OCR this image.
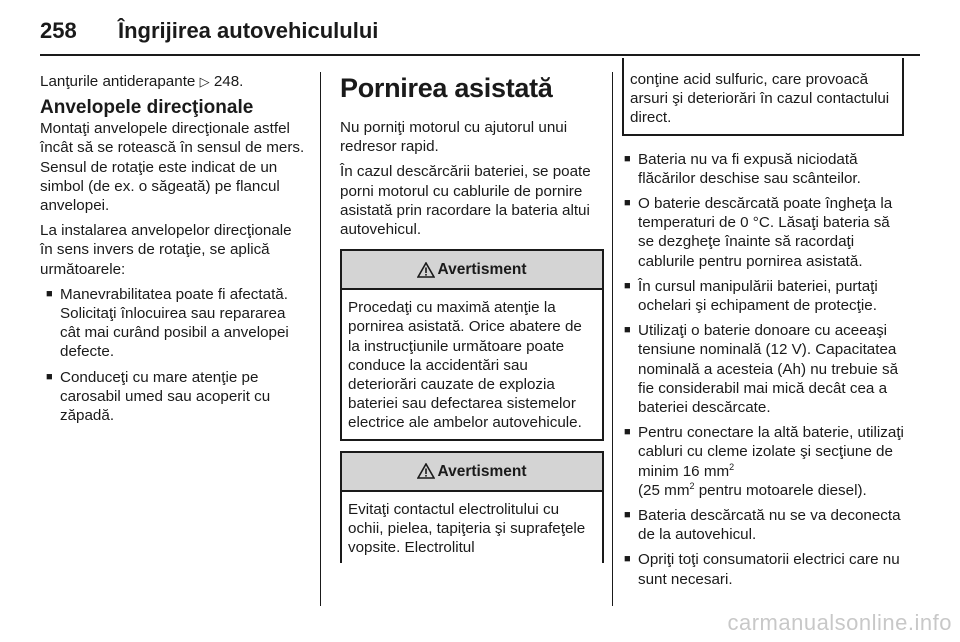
258 Îngrijirea autovehiculului

Lanţurile antiderapante ▷ 248.

Anvelopele direcţionale

Montaţi anvelopele direcţionale astfel încât să se rotească în sensul de mers. Sensul de rotaţie este indicat de un simbol (de ex. o săgeată) pe flancul anvelopei.

La instalarea anvelopelor direcţionale în sens invers de rotaţie, se aplică următoarele:

■ Manevrabilitatea poate fi afectată. Solicitaţi înlocuirea sau repararea cât mai curând posibil a anvelopei defecte.
■ Conduceţi cu mare atenţie pe carosabil umed sau acoperit cu zăpadă.
Pornirea asistată

Nu porniţi motorul cu ajutorul unui redresor rapid.

În cazul descărcării bateriei, se poate porni motorul cu cablurile de pornire asistată prin racordare la bateria altui autovehicul.

Avertisment
Procedaţi cu maximă atenţie la pornirea asistată. Orice abatere de la instrucţiunile următoare poate conduce la accidentări sau deteriorări cauzate de explozia bateriei sau defectarea sistemelor electrice ale ambelor autovehicule.
Avertisment
Evitaţi contactul electrolitului cu ochii, pielea, tapiţeria şi suprafeţele vopsite. Electrolitul
conţine acid sulfuric, care provoacă arsuri şi deteriorări în cazul contactului direct.
■ Bateria nu va fi expusă niciodată flăcărilor deschise sau scânteilor.
■ O baterie descărcată poate îngheţa la temperaturi de 0 °C. Lăsaţi bateria să se dezgheţe înainte să racordaţi cablurile pentru pornirea asistată.
■ În cursul manipulării bateriei, purtaţi ochelari şi echipament de protecţie.
■ Utilizaţi o baterie donoare cu aceeaşi tensiune nominală (12 V). Capacitatea nominală a acesteia (Ah) nu trebuie să fie considerabil mai mică decât cea a bateriei descărcate.
■ Pentru conectare la altă baterie, utilizaţi cabluri cu cleme izolate şi secţiune de minim 16 $mm^2$
(25 $mm^2$ pentru motoarele diesel).
■ Bateria descărcată nu se va deconecta de la autovehicul.
■ Opriţi toţi consumatorii electrici care nu sunt necesari.
carmanualsonline.info
